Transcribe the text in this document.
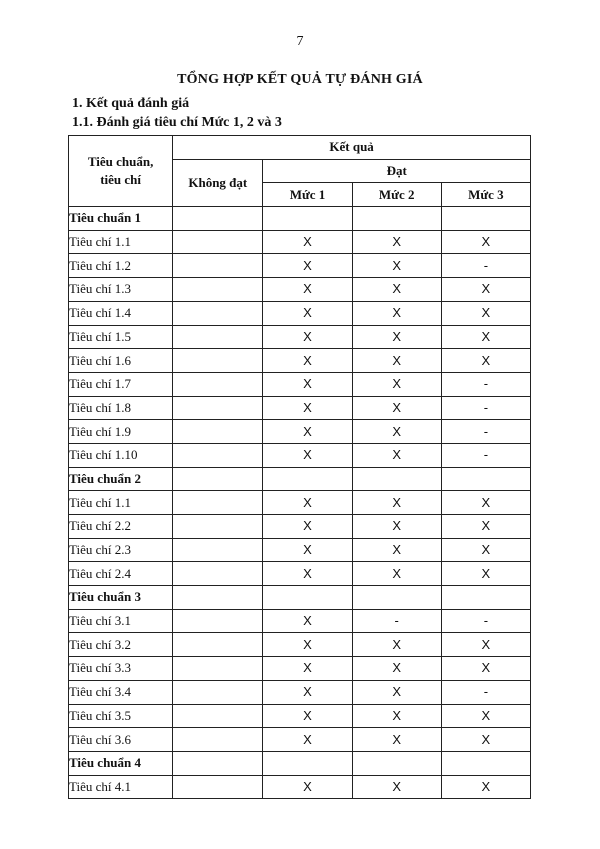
7
TỔNG HỢP KẾT QUẢ TỰ ĐÁNH GIÁ
1. Kết quả đánh giá
1.1. Đánh giá tiêu chí Mức 1, 2 và 3
Tiêu chuẩn,
tiêu chí	Kết quả			
	Không đạt	Đạt		
		Mức 1	Mức 2	Mức 3
Tiêu chuẩn 1				
Tiêu chí 1.1		X	X	X
Tiêu chí 1.2		X	X	-
Tiêu chí 1.3		X	X	X
Tiêu chí 1.4		X	X	X
Tiêu chí 1.5		X	X	X
Tiêu chí 1.6		X	X	X
Tiêu chí 1.7		X	X	-
Tiêu chí 1.8		X	X	-
Tiêu chí 1.9		X	X	-
Tiêu chí 1.10		X	X	-
Tiêu chuẩn 2				
Tiêu chí 1.1		X	X	X
Tiêu chí 2.2		X	X	X
Tiêu chí 2.3		X	X	X
Tiêu chí 2.4		X	X	X
Tiêu chuẩn 3				
Tiêu chí 3.1		X	-	-
Tiêu chí 3.2		X	X	X
Tiêu chí 3.3		X	X	X
Tiêu chí 3.4		X	X	-
Tiêu chí 3.5		X	X	X
Tiêu chí 3.6		X	X	X
Tiêu chuẩn 4				
Tiêu chí 4.1		X	X	X
